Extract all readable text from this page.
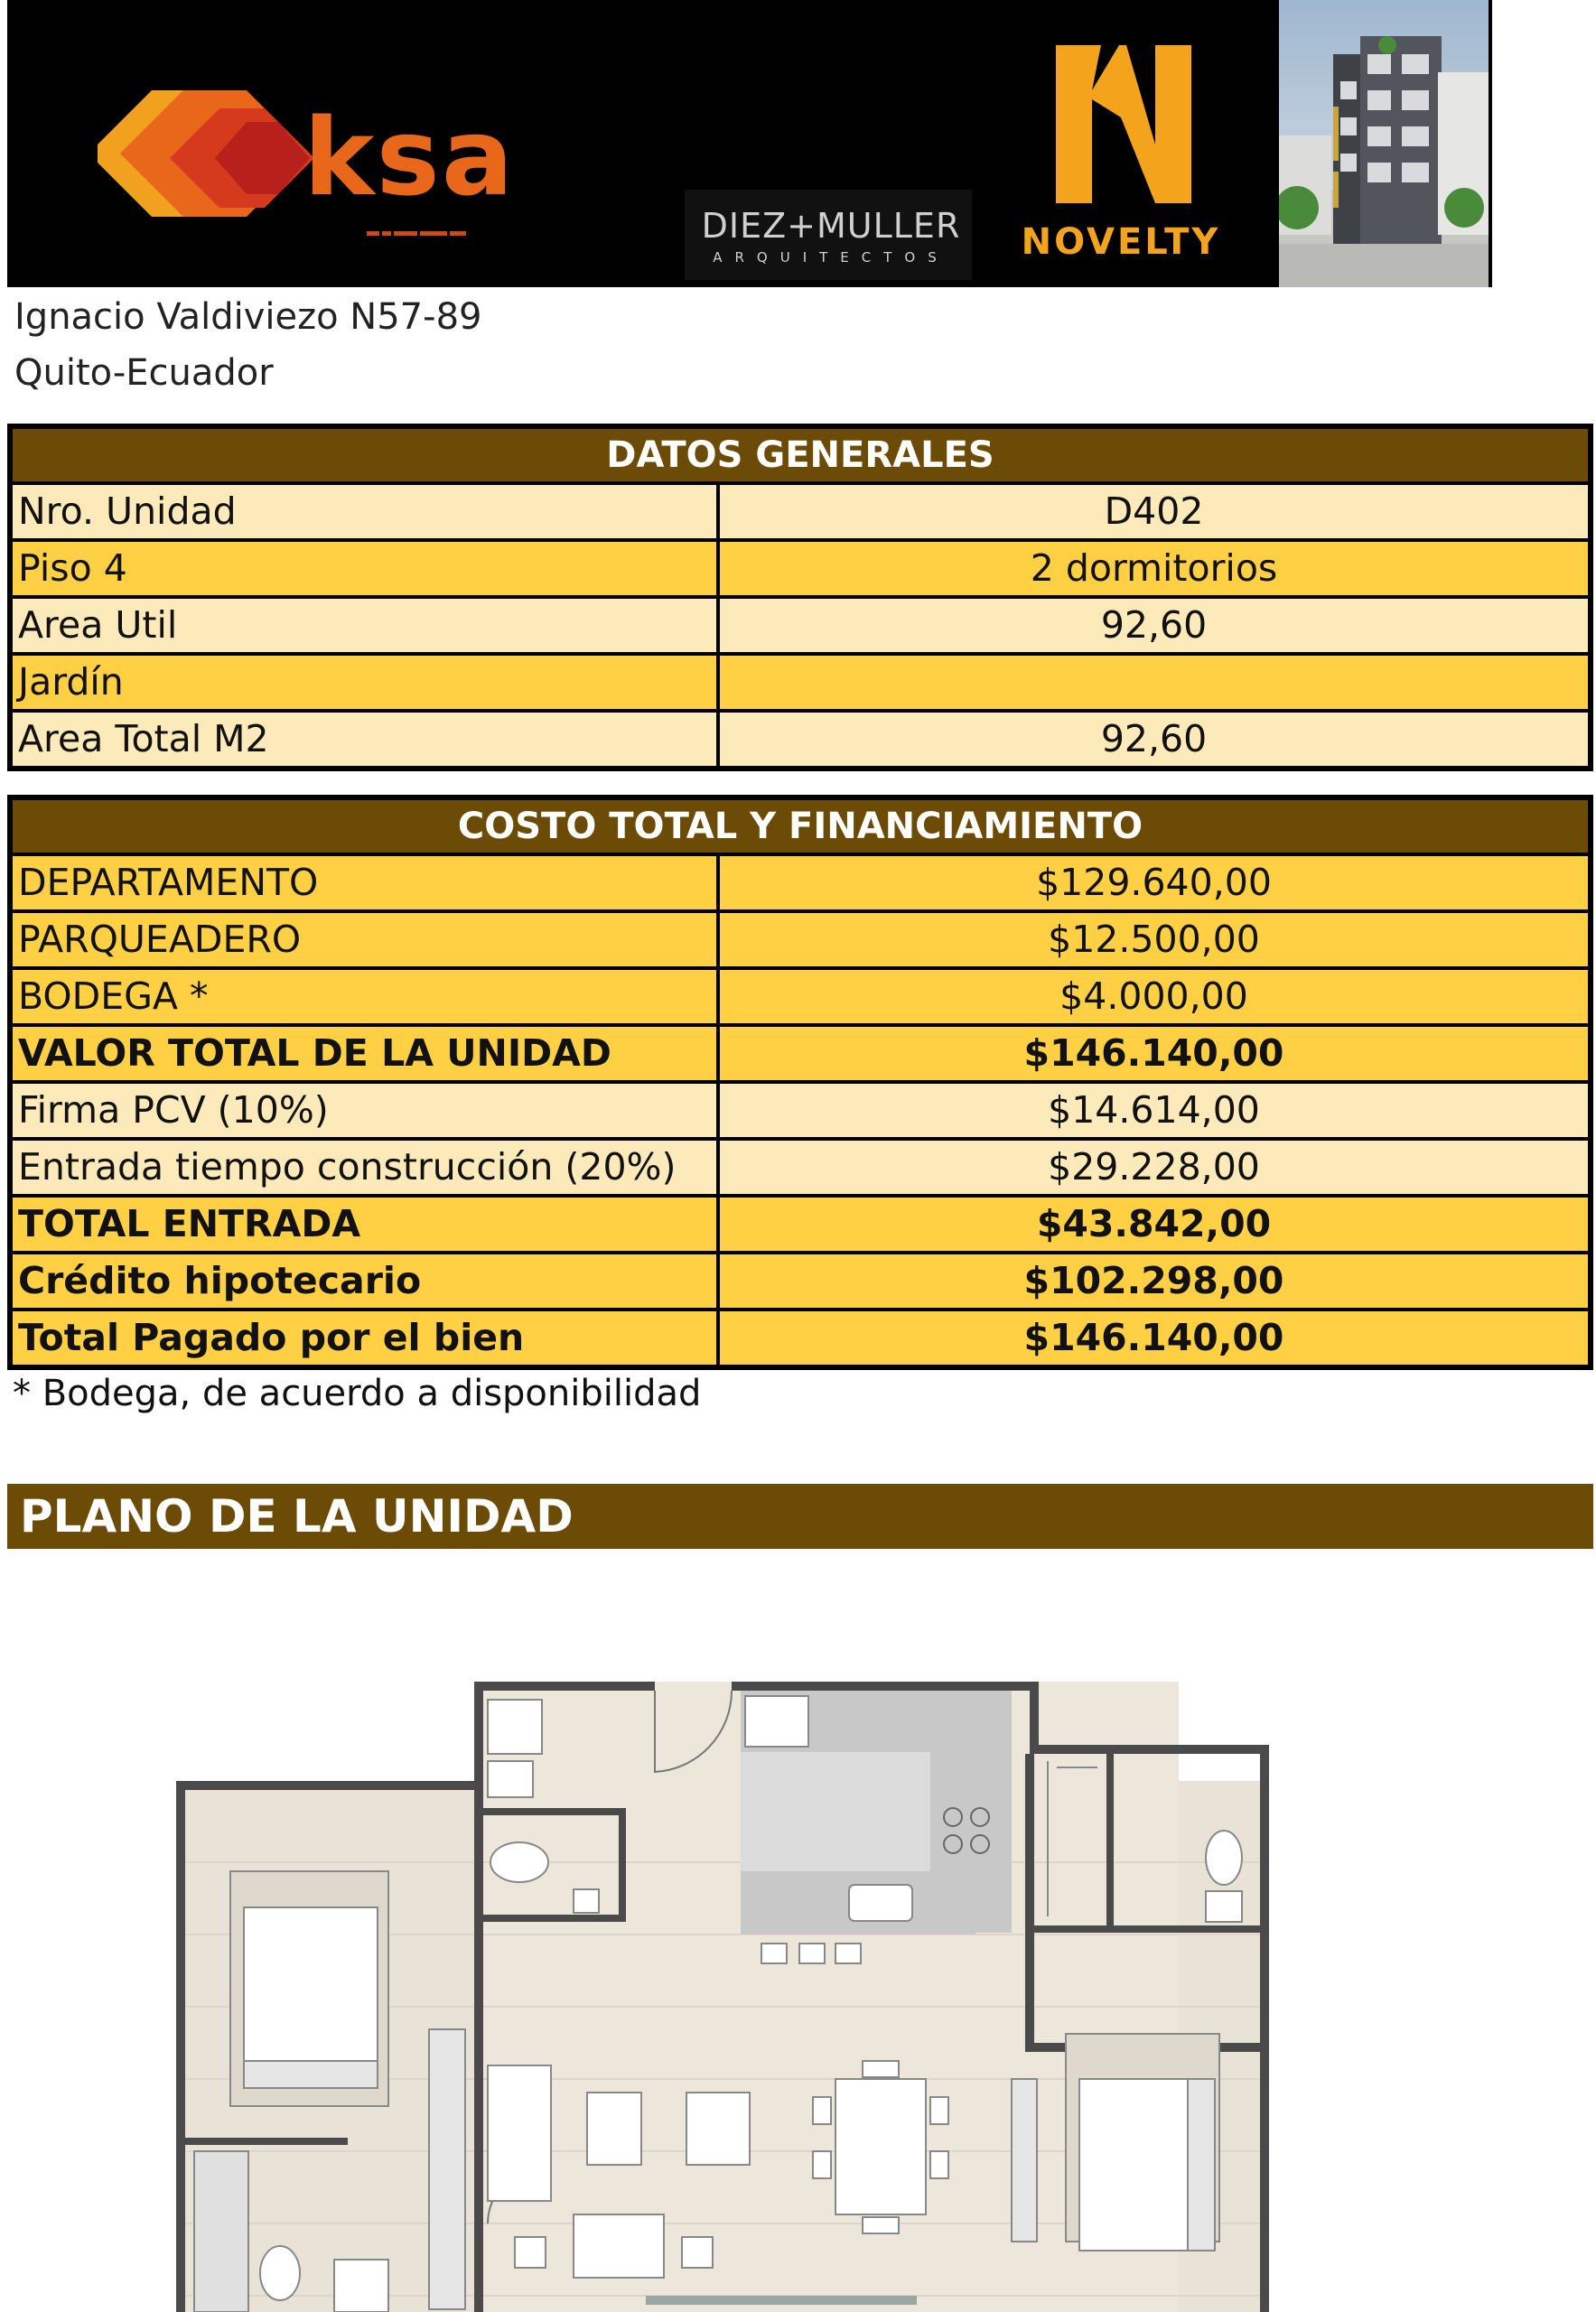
ksa
DIEZ+MULLER
ARQUITECTOS	NOVELTY
Ignacio Valdiviezo N57-89
Quito-Ecuador
DATOS GENERALES
Nro. Unidad	D402
Piso 4	2 dormitorios
Area Util	92,60
Jardín
Area Total M2	92,60
COSTO TOTAL Y FINANCIAMIENTO
DEPARTAMENTO	$129.640,00
PARQUEADERO	$12.500,00
BODEGA *	$4.000,00
VALOR TOTAL DE LA UNIDAD	$146.140,00
Firma PCV (10%)	$14.614,00
Entrada tiempo construcción (20%)	$29.228,00
TOTAL ENTRADA	$43.842,00
Crédito hipotecario	$102.298,00
Total Pagado por el bien	$146.140,00
* Bodega, de acuerdo a disponibilidad
PLANO DE LA UNIDAD
